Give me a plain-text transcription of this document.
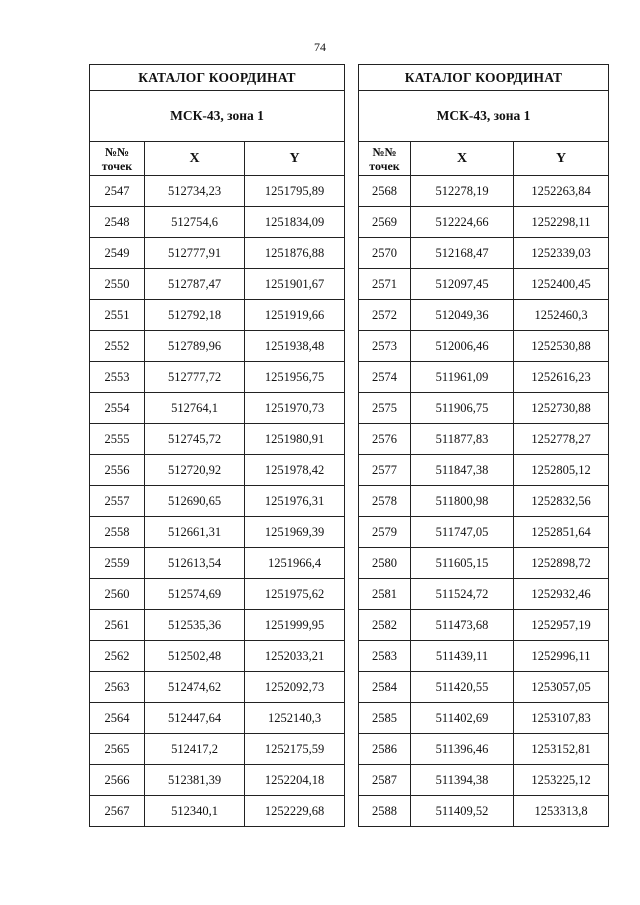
74
КАТАЛОГ КООРДИНАТ		
МСК-43, зона 1		
№№
точек	X	Y
2547	512734,23	1251795,89
2548	512754,6	1251834,09
2549	512777,91	1251876,88
2550	512787,47	1251901,67
2551	512792,18	1251919,66
2552	512789,96	1251938,48
2553	512777,72	1251956,75
2554	512764,1	1251970,73
2555	512745,72	1251980,91
2556	512720,92	1251978,42
2557	512690,65	1251976,31
2558	512661,31	1251969,39
2559	512613,54	1251966,4
2560	512574,69	1251975,62
2561	512535,36	1251999,95
2562	512502,48	1252033,21
2563	512474,62	1252092,73
2564	512447,64	1252140,3
2565	512417,2	1252175,59
2566	512381,39	1252204,18
2567	512340,1	1252229,68
КАТАЛОГ КООРДИНАТ		
МСК-43, зона 1		
№№
точек	X	Y
2568	512278,19	1252263,84
2569	512224,66	1252298,11
2570	512168,47	1252339,03
2571	512097,45	1252400,45
2572	512049,36	1252460,3
2573	512006,46	1252530,88
2574	511961,09	1252616,23
2575	511906,75	1252730,88
2576	511877,83	1252778,27
2577	511847,38	1252805,12
2578	511800,98	1252832,56
2579	511747,05	1252851,64
2580	511605,15	1252898,72
2581	511524,72	1252932,46
2582	511473,68	1252957,19
2583	511439,11	1252996,11
2584	511420,55	1253057,05
2585	511402,69	1253107,83
2586	511396,46	1253152,81
2587	511394,38	1253225,12
2588	511409,52	1253313,8
